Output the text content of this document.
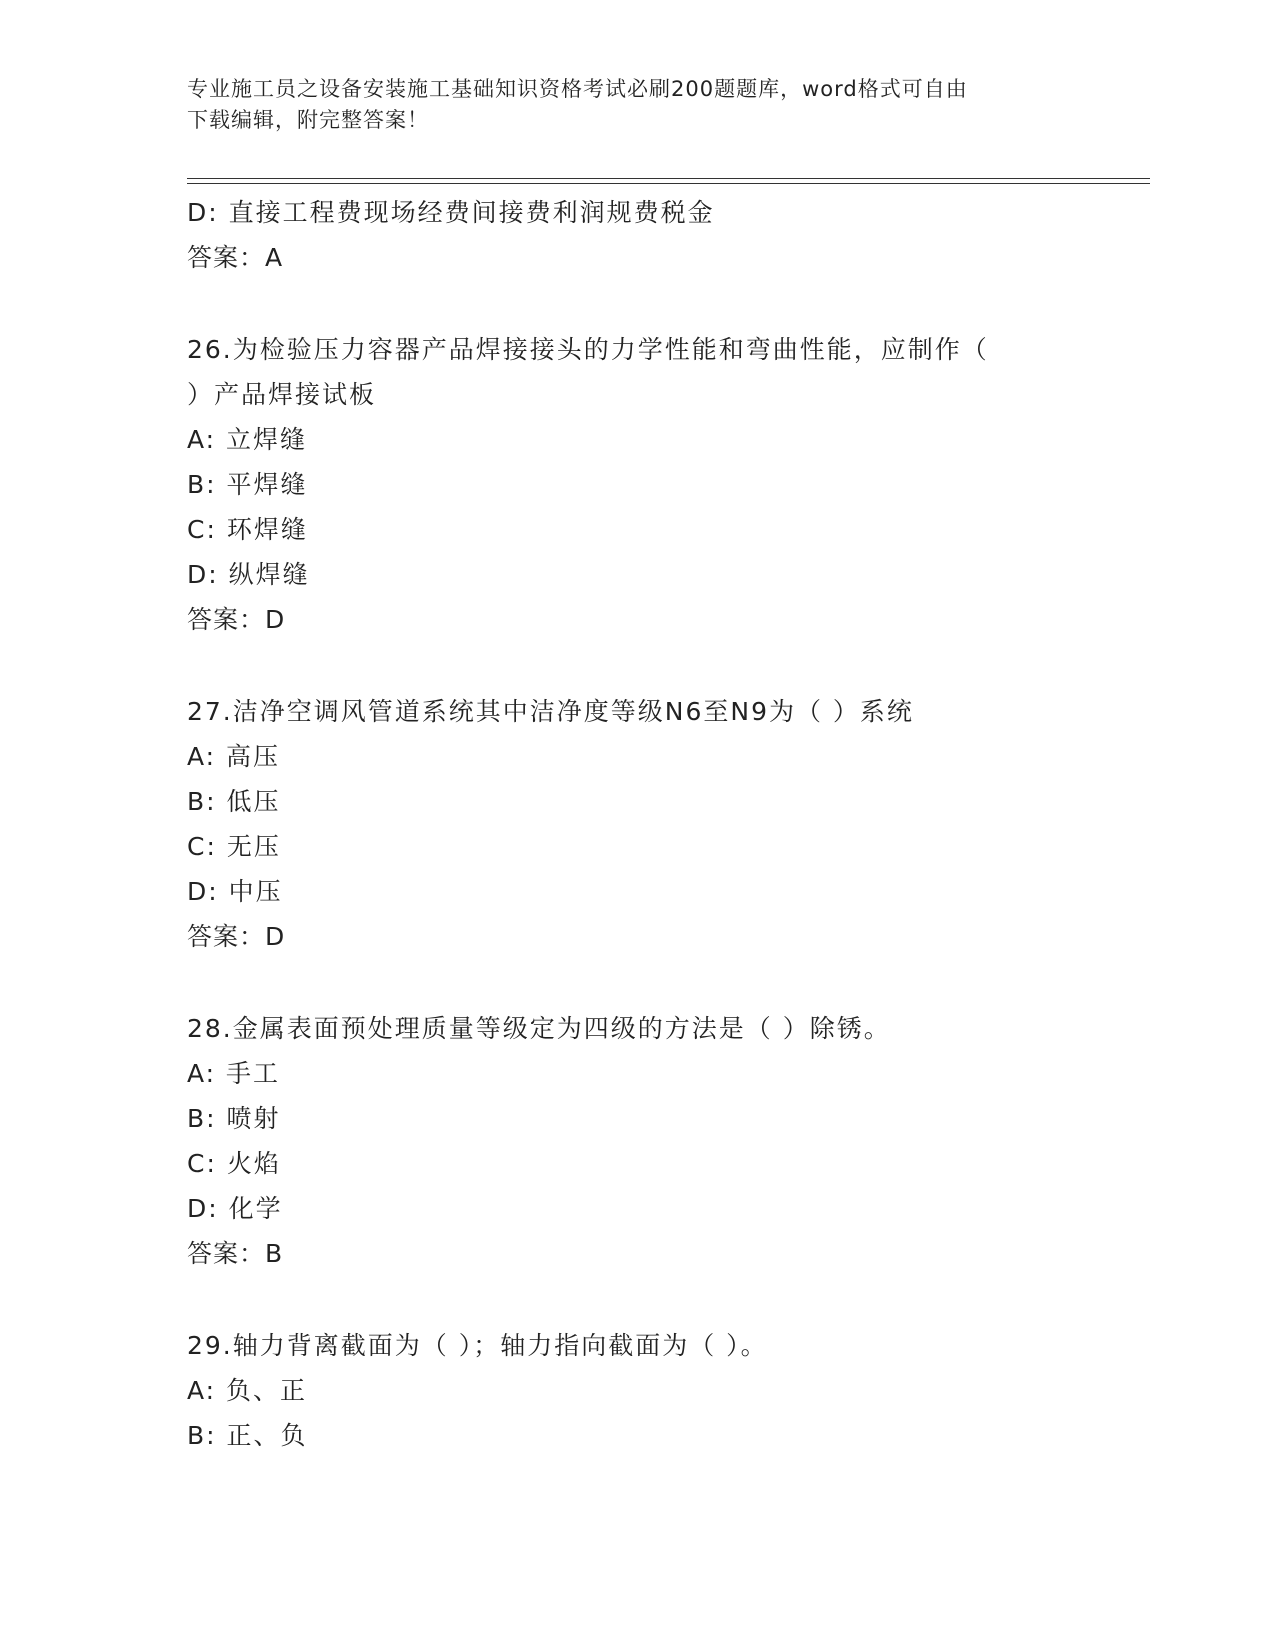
专业施工员之设备安装施工基础知识资格考试必刷200题题库，word格式可自由
下载编辑，附完整答案！
D: 直接工程费现场经费间接费利润规费税金
答案：A
26.为检验压力容器产品焊接接头的力学性能和弯曲性能，应制作（
）产品焊接试板
A: 立焊缝
B: 平焊缝
C: 环焊缝
D: 纵焊缝
答案：D
27.洁净空调风管道系统其中洁净度等级N6至N9为（ ）系统
A: 高压
B: 低压
C: 无压
D: 中压
答案：D
28.金属表面预处理质量等级定为四级的方法是（ ）除锈。
A: 手工
B: 喷射
C: 火焰
D: 化学
答案：B
29.轴力背离截面为（ ）；轴力指向截面为（ ）。
A: 负、正
B: 正、负
